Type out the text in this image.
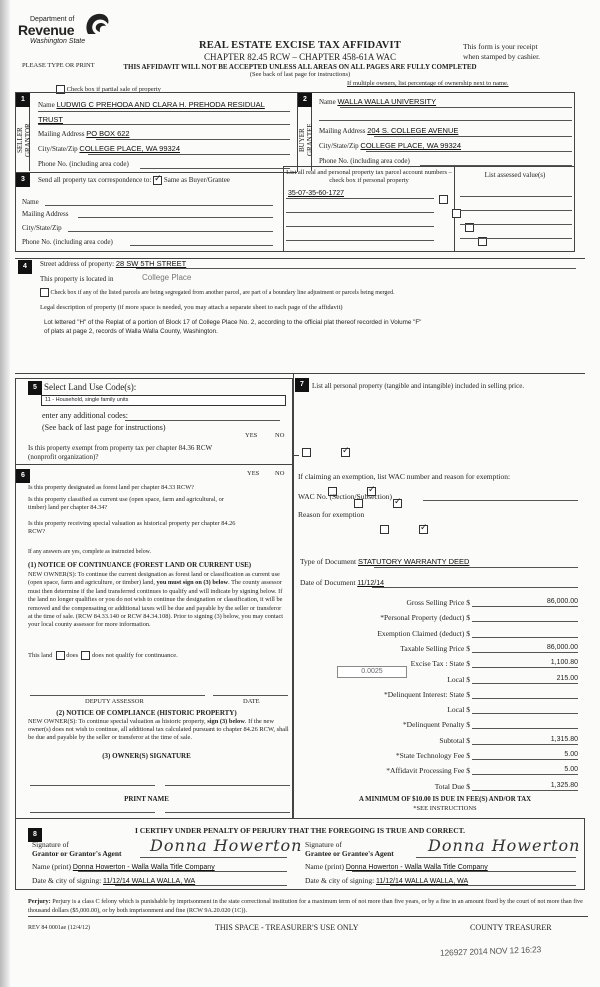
Department of
Revenue
Washington State	REAL ESTATE EXCISE TAX AFFIDAVIT
CHAPTER 82.45 RCW – CHAPTER 458-61A WAC
THIS AFFIDAVIT WILL NOT BE ACCEPTED UNLESS ALL AREAS ON ALL PAGES ARE FULLY COMPLETED
(See back of last page for instructions)
PLEASE TYPE OR PRINT
This form is your receipt
when stamped by cashier.
Check box if partial sale of property
If multiple owners, list percentage of ownership next to name.
1
SELLER GRANTOR
Name LUDWIG C PREHODA AND CLARA H. PREHODA RESIDUAL
TRUST
Mailing Address PO BOX 622
City/State/Zip COLLEGE PLACE, WA 99324
Phone No. (including area code)
2
BUYER GRANTEE
Name WALLA WALLA UNIVERSITY
Mailing Address 204 S. COLLEGE AVENUE
City/State/Zip COLLEGE PLACE, WA 99324
Phone No. (including area code)
3	Send all property tax correspondence to: ✓ Same as Buyer/Grantee
Name
Mailing Address
City/State/Zip
Phone No. (including area code)
List all real and personal property tax parcel account numbers – check box if personal property
List assessed value(s)
35-07-35-60-1727

4	Street address of property: 28 SW 5TH STREET
This property is located in	College Place
Check box if any of the listed parcels are being segregated from another parcel, are part of a boundary line adjustment or parcels being merged.
Legal description of property (if more space is needed, you may attach a separate sheet to each page of the affidavit)
Lot lettered "H" of the Replat of a portion of Block 17 of College Place No. 2, according to the official plat thereof recorded in Volume "F"
of plats at page 2, records of Walla Walla County, Washington.
5 Select Land Use Code(s):
11 - Household, single family units
enter any additional codes:
(See back of last page for instructions)
YES	NO
Is this property exempt from property tax per chapter 84.36 RCW (nonprofit organization)?
✓
6	YES NO
Is this property designated as forest land per chapter 84.33 RCW?
✓
Is this property classified as current use (open space, farm and agricultural, or timber) land per chapter 84.34?
✓
Is this property receiving special valuation as historical property per chapter 84.26 RCW?
✓
If any answers are yes, complete as instructed below.
(1) NOTICE OF CONTINUANCE (FOREST LAND OR CURRENT USE)
NEW OWNER(S): To continue the current designation as forest land or classification as current use (open space, farm and agriculture, or timber) land, you must sign on (3) below. The county assessor must then determine if the land transferred continues to qualify and will indicate by signing below. If the land no longer qualifies or you do not wish to continue the designation or classification, it will be removed and the compensating or additional taxes will be due and payable by the seller or transferor at the time of sale. (RCW 84.33.140 or RCW 84.34.108). Prior to signing (3) below, you may contact your local county assessor for more information.
This land does does not qualify for continuance.
DEPUTY ASSESSOR	DATE
(2) NOTICE OF COMPLIANCE (HISTORIC PROPERTY)
NEW OWNER(S): To continue special valuation as historic property, sign (3) below. If the new owner(s) does not wish to continue, all additional tax calculated pursuant to chapter 84.26 RCW, shall be due and payable by the seller or transferor at the time of sale.
(3) OWNER(S) SIGNATURE
PRINT NAME
7	List all personal property (tangible and intangible) included in selling price.
If claiming an exemption, list WAC number and reason for exemption:
WAC No. (Section/Subsection)
Reason for exemption
Type of Document STATUTORY WARRANTY DEED
Date of Document 11/12/14
0.0025
Gross Selling Price $	86,000.00
*Personal Property (deduct) $
Exemption Claimed (deduct) $
Taxable Selling Price $	86,000.00
Excise Tax : State $	1,100.80
Local $	215.00
*Delinquent Interest: State $
Local $
*Delinquent Penalty $
Subtotal $	1,315.80
*State Technology Fee $	5.00
*Affidavit Processing Fee $	5.00
Total Due $	1,325.80
A MINIMUM OF $10.00 IS DUE IN FEE(S) AND/OR TAX
*SEE INSTRUCTIONS
8	I CERTIFY UNDER PENALTY OF PERJURY THAT THE FOREGOING IS TRUE AND CORRECT.
Signature of
Grantor or Grantor's Agent Donna Howerton
Name (print) Donna Howerton - Walla Walla Title Company
Date & city of signing: 11/12/14 WALLA WALLA, WA
Signature of
Grantee or Grantee's Agent Donna Howerton
Name (print) Donna Howerton - Walla Walla Title Company
Date & city of signing: 11/12/14 WALLA WALLA, WA
Perjury: Perjury is a class C felony which is punishable by imprisonment in the state correctional institution for a maximum term of not more than five years, or by a fine in an amount fixed by the court of not more than five thousand dollars ($5,000.00), or by both imprisonment and fine (RCW 9A.20.020 (1C)).
REV 84 0001ae (12/4/12)	THIS SPACE - TREASURER'S USE ONLY	COUNTY TREASURER
126927 2014 NOV 12 16:23
